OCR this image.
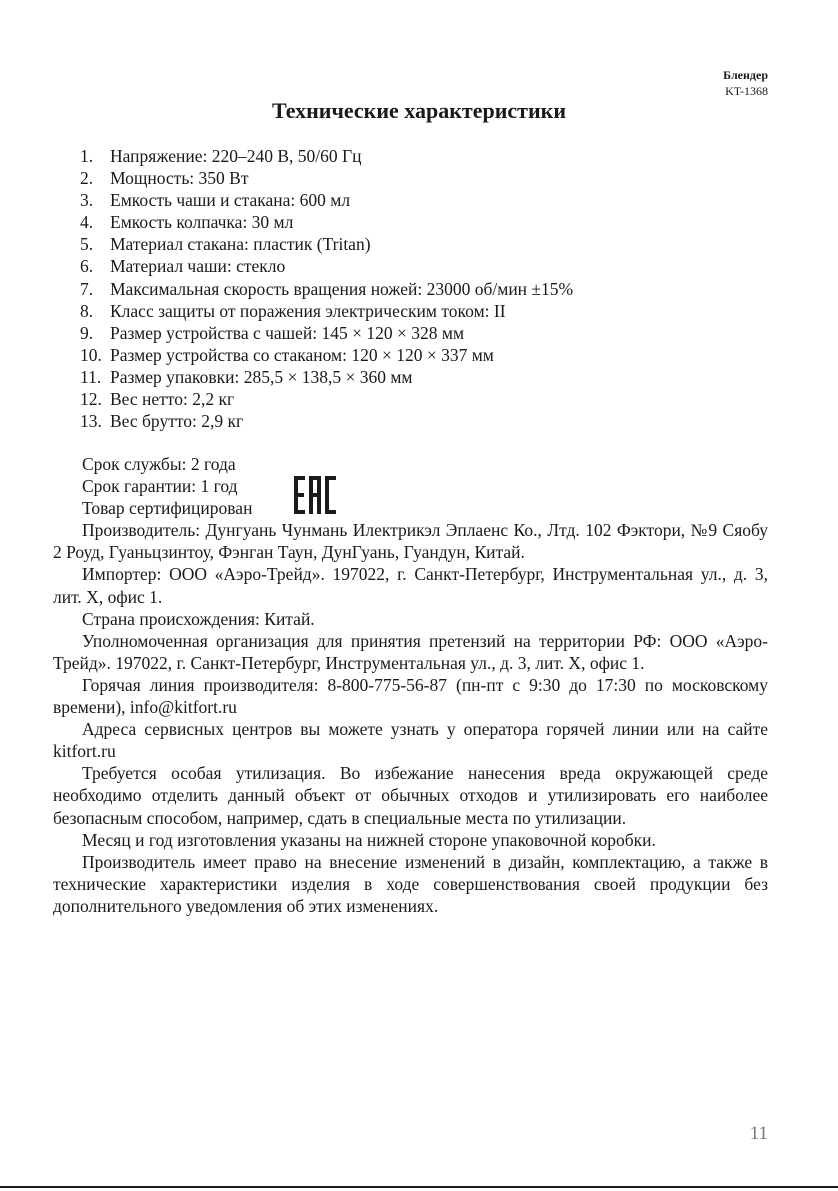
Блендер
KT-1368
Технические характеристики
1. Напряжение: 220–240 В, 50/60 Гц
2. Мощность: 350 Вт
3. Емкость чаши и стакана: 600 мл
4. Емкость колпачка: 30 мл
5. Материал стакана: пластик (Tritan)
6. Материал чаши: стекло
7. Максимальная скорость вращения ножей: 23000 об/мин ±15%
8. Класс защиты от поражения электрическим током: II
9. Размер устройства с чашей: 145 × 120 × 328 мм
10. Размер устройства со стаканом: 120 × 120 × 337 мм
11. Размер упаковки: 285,5 × 138,5 × 360 мм
12. Вес нетто: 2,2 кг
13. Вес брутто: 2,9 кг
Срок службы: 2 года
Срок гарантии: 1 год
Товар сертифицирован

Производитель: Дунгуань Чунмань Илектрикэл Эплаенс Ко., Лтд. 102 Фэктори, №9 Сяобу 2 Роуд, Гуаньцзинтоу, Фэнган Таун, ДунГуань, Гуандун, Китай.

Импортер: ООО «Аэро-Трейд». 197022, г. Санкт-Петербург, Инструментальная ул., д. 3, лит. Х, офис 1.

Страна происхождения: Китай.

Уполномоченная организация для принятия претензий на территории РФ: ООО «Аэро-Трейд». 197022, г. Санкт-Петербург, Инструментальная ул., д. 3, лит. Х, офис 1.

Горячая линия производителя: 8-800-775-56-87 (пн-пт с 9:30 до 17:30 по московскому времени), info@kitfort.ru

Адреса сервисных центров вы можете узнать у оператора горячей линии или на сайте kitfort.ru

Требуется особая утилизация. Во избежание нанесения вреда окружающей среде необходимо отделить данный объект от обычных отходов и утилизировать его наиболее безопасным способом, например, сдать в специальные места по утилизации.

Месяц и год изготовления указаны на нижней стороне упаковочной коробки.

Производитель имеет право на внесение изменений в дизайн, комплектацию, а также в технические характеристики изделия в ходе совершенствования своей продукции без дополнительного уведомления об этих изменениях.

11
